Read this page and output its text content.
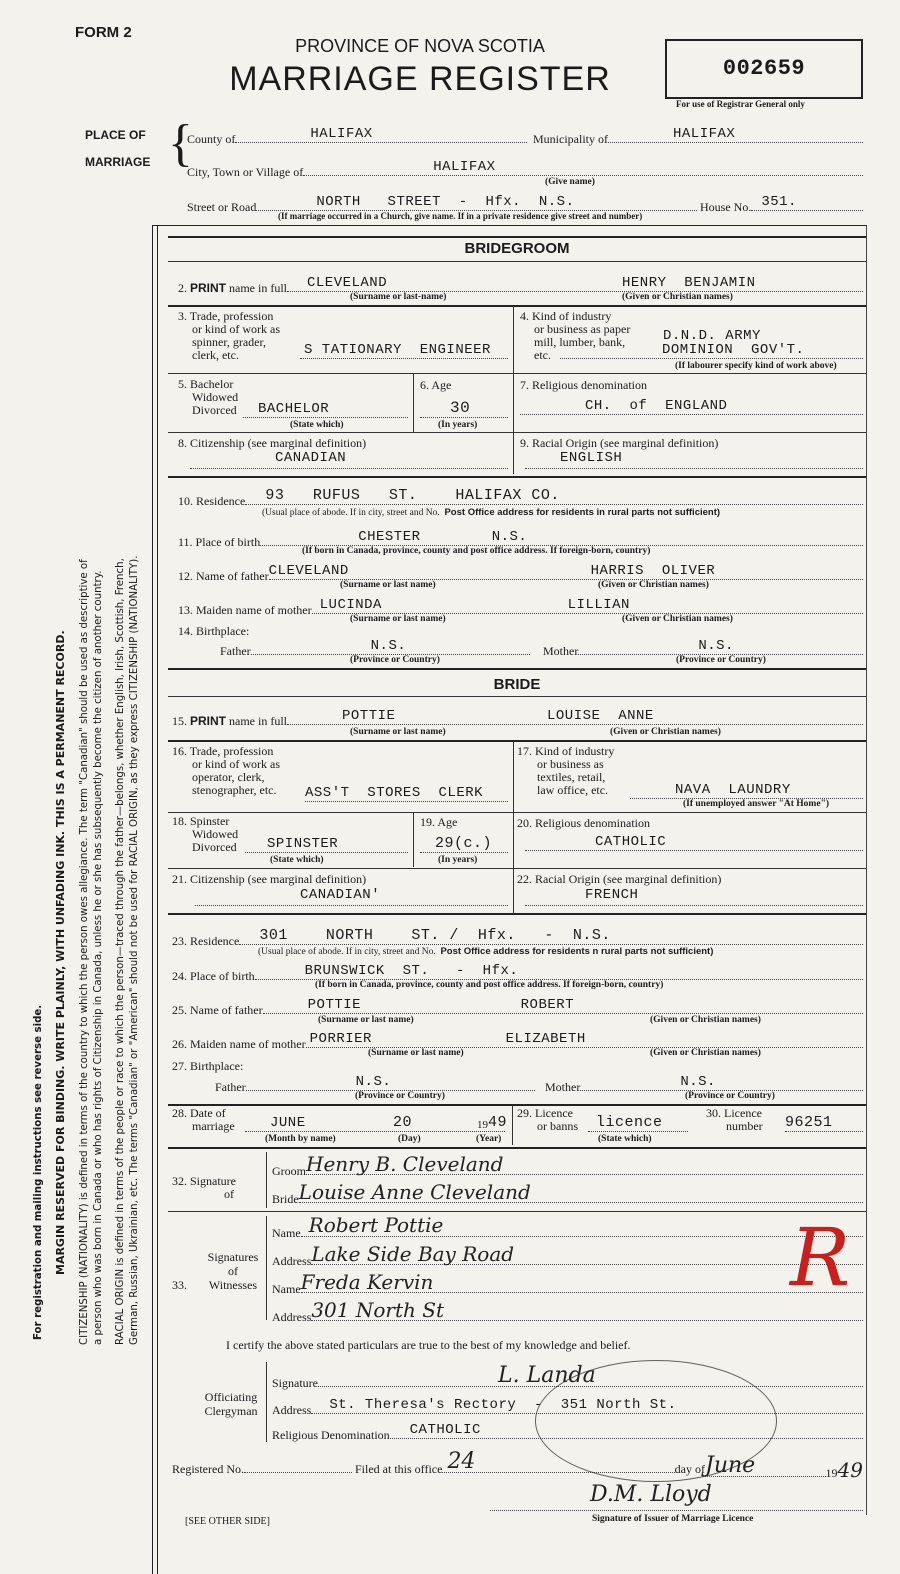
FORM 2
PROVINCE OF NOVA SCOTIA
MARRIAGE REGISTER	002659
For use of Registrar General only
PLACE OF
MARRIAGE {
County of	HALIFAX	Municipality of	HALIFAX
City, Town or Village of	HALIFAX
(Give name)
Street or Road	NORTH   STREET  -  Hfx.  N.S.	House No. 351.
(If marriage occurred in a Church, give name. If in a private residence give street and number)
For registration and mailing instructions see reverse side. MARGIN RESERVED FOR BINDING. WRITE PLAINLY, WITH UNFADING INK. THIS IS A PERMANENT RECORD. CITIZENSHIP (NATIONALITY) is defined in terms of the country to which the person owes allegiance. The term "Canadian" should be used as descriptive of a person who was born in Canada or who has rights of Citizenship in Canada, unless he or she has subsequently become the citizen of another country. RACIAL ORIGIN is defined in terms of the people or race to which the person—traced through the father—belongs, whether English, Irish, Scottish, French, German, Russian, Ukrainian, etc. The terms "Canadian" or "American" should not be used for RACIAL ORIGIN, as they express CITIZENSHIP (NATIONALITY).
BRIDEGROOM
2.
PRINT
name in full CLEVELAND	HENRY  BENJAMIN
(Surname or last-name)	(Given or Christian names)
3. Trade, profession
or kind of work as
spinner, grader,
clerk, etc.	S TATIONARY  ENGINEER
4. Kind of industry
or business as paper
mill, lumber, bank,
etc.
D.N.D. ARMY
DOMINION  GOV'T.
(If labourer specify kind of work above)
5. Bachelor
Widowed
Divorced BACHELOR
(State which)
6. Age
30
(In years)
7. Religious denomination
CH.  of  ENGLAND
8. Citizenship (see marginal definition)
CANADIAN
9. Racial Origin (see marginal definition)
ENGLISH
10. Residence 93   RUFUS   ST.    HALIFAX CO.
(Usual place of abode. If in city, street and No. Post Office address for residents in rural parts not sufficient)
11. Place of birth	CHESTER        N.S.
(If born in Canada, province, county and post office address. If foreign-born, country)
12. Name of father CLEVELAND	HARRIS  OLIVER
(Surname or last name)	(Given or Christian names)
13. Maiden name of mother LUCINDA	LILLIAN
(Surname or last name)	(Given or Christian names)
14. Birthplace:
Father	N.S.	Mother	N.S.
(Province or Country)	(Province or Country)
BRIDE
15.
PRINT
name in full	POTTIE	LOUISE  ANNE
(Surname or last name)	(Given or Christian names)
16. Trade, profession
or kind of work as
operator, clerk,
stenographer, etc. ASS'T  STORES  CLERK
17. Kind of industry
or business as
textiles, retail,
law office, etc.	NAVA  LAUNDRY
(If unemployed answer "At Home")
18. Spinster
Widowed
Divorced SPINSTER
(State which)
19. Age
29(c.)
(In years)
20. Religious denomination
CATHOLIC
21. Citizenship (see marginal definition)
CANADIAN'
22. Racial Origin (see marginal definition)
FRENCH
23. Residence 301    NORTH    ST. /  Hfx.   -  N.S.
(Usual place of abode. If in city, street and No. Post Office address for residents n rural parts not sufficient)
24. Place of birth	BRUNSWICK  ST.   -  Hfx.
(If born in Canada, province, county and post office address. If foreign-born, country)
25. Name of father	POTTIE	ROBERT
(Surname or last name)	(Given or Christian names)
26. Maiden name of mother PORRIER	ELIZABETH
(Surname or last name)	(Given or Christian names)
27. Birthplace:
Father	N.S.	Mother	N.S.
(Province or Country)	(Province or Country)
28. Date of
marriage	JUNE	20	19 49
(Month by name)	(Day)	(Year)
29. Licence
or banns licence
(State which)
30. Licence
number 96251
32. Signature
of
Groom Henry B. Cleveland
Bride Louise Anne Cleveland
33.
Signatures
of
Witnesses
Name Robert Pottie
Address Lake Side Bay Road
Name Freda Kervin
Address 301 North St
R
I certify the above stated particulars are true to the best of my knowledge and belief.
Officiating
Clergyman
Signature	L. Landa
Address St. Theresa's Rectory  -  351 North St.
Religious Denomination CATHOLIC
Registered No.	Filed at this office 24	day of June	19 49
D.M. Lloyd
Signature of Issuer of Marriage Licence
[SEE OTHER SIDE]
